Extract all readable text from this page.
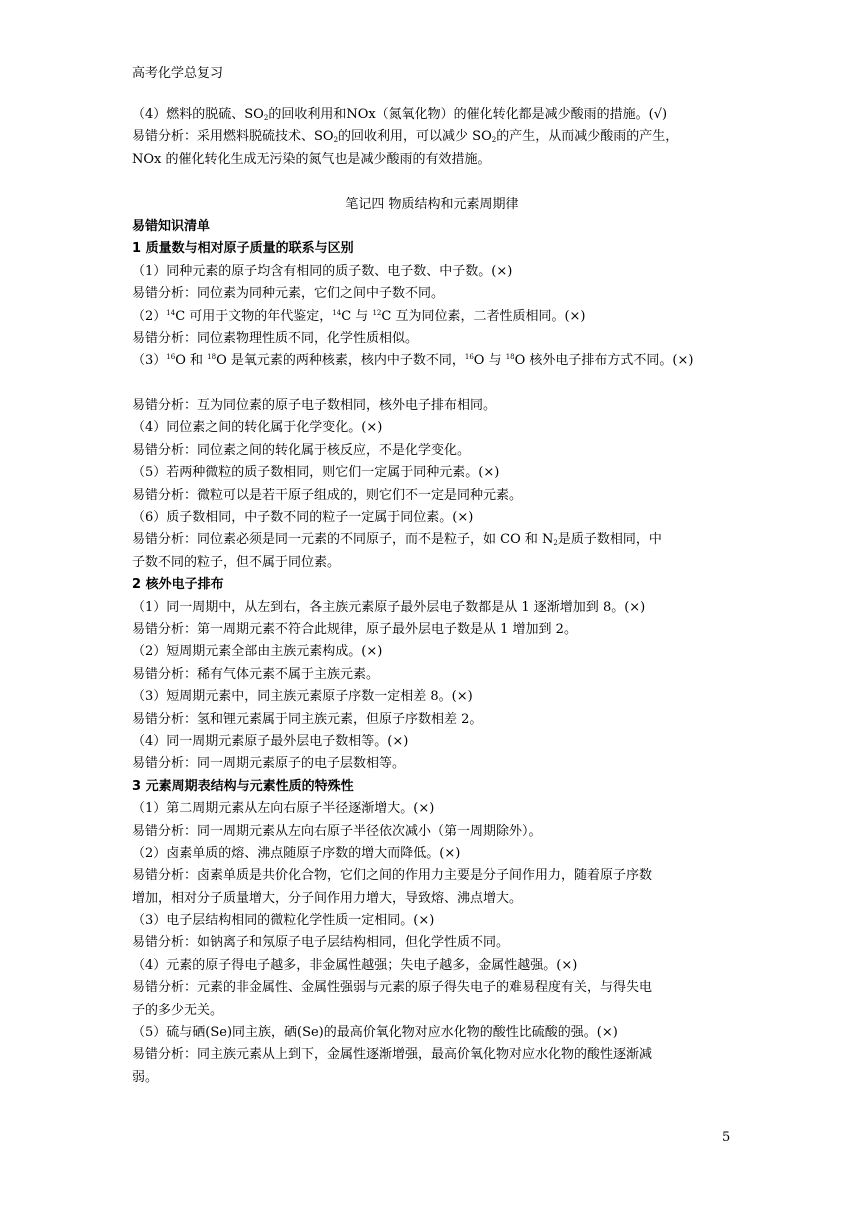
高考化学总复习
（4）燃料的脱硫、$SO_2$的回收利用和NOx（氮氧化物）的催化转化都是减少酸雨的措施。(√)
易错分析：采用燃料脱硫技术、$SO_2$的回收利用，可以减少 $SO_2$的产生，从而减少酸雨的产生，
NOx 的催化转化生成无污染的氮气也是减少酸雨的有效措施。
笔记四 物质结构和元素周期律
易错知识清单
1 质量数与相对原子质量的联系与区别
（1）同种元素的原子均含有相同的质子数、电子数、中子数。(×)
易错分析：同位素为同种元素，它们之间中子数不同。
$(2)^{14}C$ 可用于文物的年代鉴定，$^{14}$C 与 $^{12}$C 互为同位素，二者性质相同。(×)
易错分析：同位素物理性质不同，化学性质相似。
$(3)^{16}O$ 和 $^{18}$O 是氧元素的两种核素，核内中子数不同，$^{16}$O 与 $^{18}$O 核外电子排布方式不同。(×)
易错分析：互为同位素的原子电子数相同，核外电子排布相同。
（4）同位素之间的转化属于化学变化。(×)
易错分析：同位素之间的转化属于核反应，不是化学变化。
（5）若两种微粒的质子数相同，则它们一定属于同种元素。(×)
易错分析：微粒可以是若干原子组成的，则它们不一定是同种元素。
（6）质子数相同，中子数不同的粒子一定属于同位素。(×)
易错分析：同位素必须是同一元素的不同原子，而不是粒子，如 CO 和 $N_2$是质子数相同，中
子数不同的粒子，但不属于同位素。
2 核外电子排布
（1）同一周期中，从左到右，各主族元素原子最外层电子数都是从 1 逐渐增加到 8。(×)
易错分析：第一周期元素不符合此规律，原子最外层电子数是从 1 增加到 2。
（2）短周期元素全部由主族元素构成。(×)
易错分析：稀有气体元素不属于主族元素。
（3）短周期元素中，同主族元素原子序数一定相差 8。(×)
易错分析：氢和锂元素属于同主族元素，但原子序数相差 2。
（4）同一周期元素原子最外层电子数相等。(×)
易错分析：同一周期元素原子的电子层数相等。
3 元素周期表结构与元素性质的特殊性
（1）第二周期元素从左向右原子半径逐渐增大。(×)
易错分析：同一周期元素从左向右原子半径依次减小（第一周期除外）。
（2）卤素单质的熔、沸点随原子序数的增大而降低。(×)
易错分析：卤素单质是共价化合物，它们之间的作用力主要是分子间作用力，随着原子序数
增加，相对分子质量增大，分子间作用力增大，导致熔、沸点增大。
（3）电子层结构相同的微粒化学性质一定相同。(×)
易错分析：如钠离子和氖原子电子层结构相同，但化学性质不同。
（4）元素的原子得电子越多，非金属性越强；失电子越多，金属性越强。(×)
易错分析：元素的非金属性、金属性强弱与元素的原子得失电子的难易程度有关，与得失电
子的多少无关。
（5）硫与硒(Se)同主族，硒(Se)的最高价氧化物对应水化物的酸性比硫酸的强。(×)
易错分析：同主族元素从上到下，金属性逐渐增强，最高价氧化物对应水化物的酸性逐渐减
弱。
5
